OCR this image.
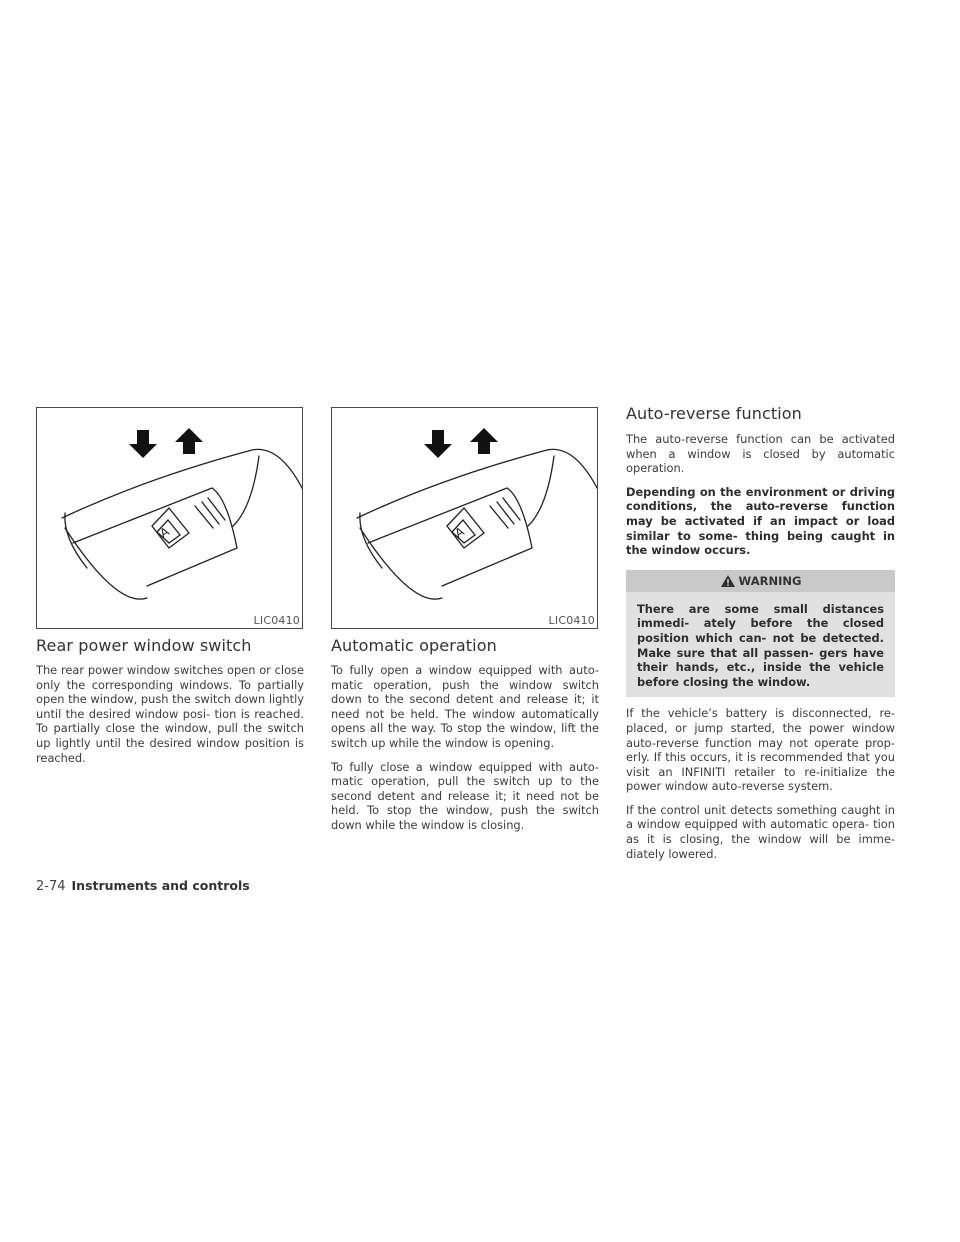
A
LIC0410
A
LIC0410
Rear power window switch

The rear power window switches open or close only the corresponding windows. To partially open the window, push the switch down lightly until the desired window posi- tion is reached. To partially close the window, pull the switch up lightly until the desired window position is reached.

Automatic operation

To fully open a window equipped with auto- matic operation, push the window switch down to the second detent and release it; it need not be held. The window automatically opens all the way. To stop the window, lift the switch up while the window is opening.

To fully close a window equipped with auto- matic operation, pull the switch up to the second detent and release it; it need not be held. To stop the window, push the switch down while the window is closing.

Auto-reverse function

The auto-reverse function can be activated when a window is closed by automatic operation.

Depending on the environment or driving conditions, the auto-reverse function may be activated if an impact or load similar to some- thing being caught in the window occurs.

WARNING
There are some small distances immedi- ately before the closed position which can- not be detected. Make sure that all passen- gers have their hands, etc., inside the vehicle before closing the window.

If the vehicle’s battery is disconnected, re- placed, or jump started, the power window auto-reverse function may not operate prop- erly. If this occurs, it is recommended that you visit an INFINITI retailer to re-initialize the power window auto-reverse system.

If the control unit detects something caught in a window equipped with automatic opera- tion as it is closing, the window will be imme- diately lowered.

2-74 Instruments and controls
